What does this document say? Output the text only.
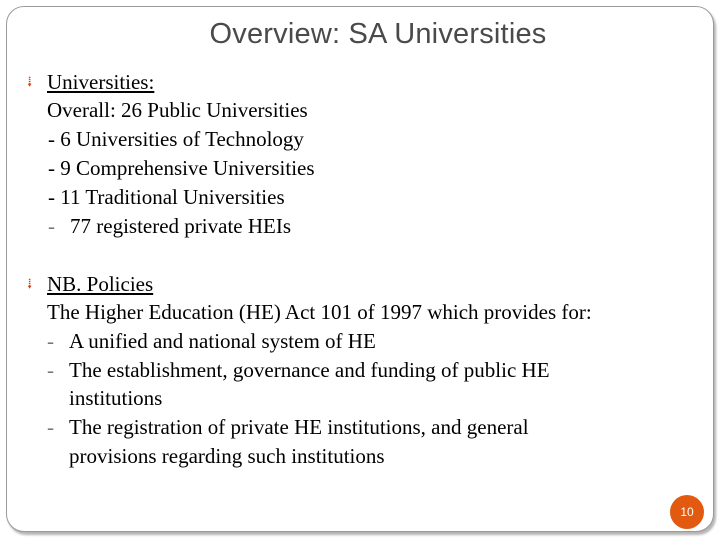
Overview: SA Universities
⭭ Universities:
Overall: 26 Public Universities
- 6 Universities of Technology
- 9 Comprehensive Universities
- 11 Traditional Universities
- 77 registered private HEIs
⭭ NB. Policies
The Higher Education (HE) Act 101 of 1997 which provides for:
- A unified and national system of HE
- The establishment, governance and funding of public HE
institutions
- The registration of private HE institutions, and general
provisions regarding such institutions
10
